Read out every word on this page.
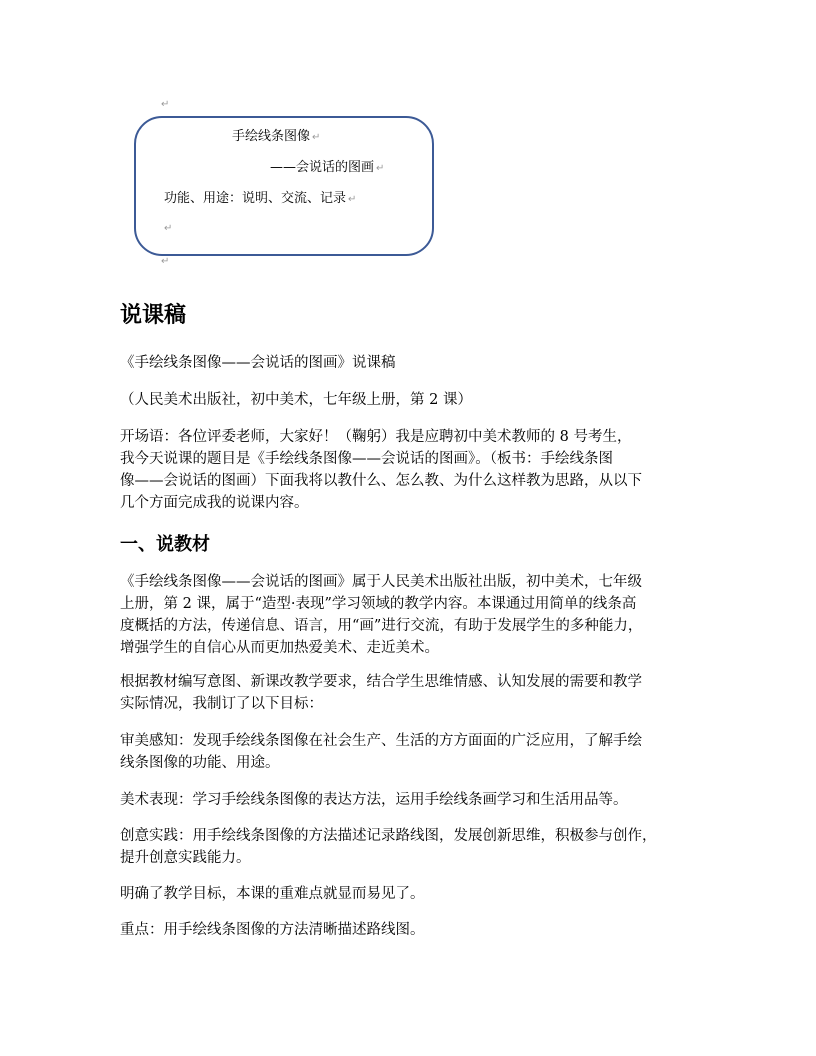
↵
手绘线条图像 ↵
——会说话的图画 ↵
功能、用途：说明、交流、记录 ↵
↵
↵
说课稿
《手绘线条图像——会说话的图画》说课稿
（人民美术出版社，初中美术，七年级上册，第 2 课）
开场语：各位评委老师，大家好！（鞠躬）我是应聘初中美术教师的 8 号考生，
我今天说课的题目是《手绘线条图像——会说话的图画》。（板书：手绘线条图
像——会说话的图画）下面我将以教什么、怎么教、为什么这样教为思路，从以下
几个方面完成我的说课内容。
一、说教材
《手绘线条图像——会说话的图画》属于人民美术出版社出版，初中美术，七年级
上册，第 2 课，属于“造型·表现”学习领域的教学内容。本课通过用简单的线条高
度概括的方法，传递信息、语言，用“画”进行交流，有助于发展学生的多种能力，
增强学生的自信心从而更加热爱美术、走近美术。
根据教材编写意图、新课改教学要求，结合学生思维情感、认知发展的需要和教学
实际情况，我制订了以下目标：
审美感知：发现手绘线条图像在社会生产、生活的方方面面的广泛应用，了解手绘
线条图像的功能、用途。
美术表现：学习手绘线条图像的表达方法，运用手绘线条画学习和生活用品等。
创意实践：用手绘线条图像的方法描述记录路线图，发展创新思维，积极参与创作，
提升创意实践能力。
明确了教学目标，本课的重难点就显而易见了。
重点：用手绘线条图像的方法清晰描述路线图。
